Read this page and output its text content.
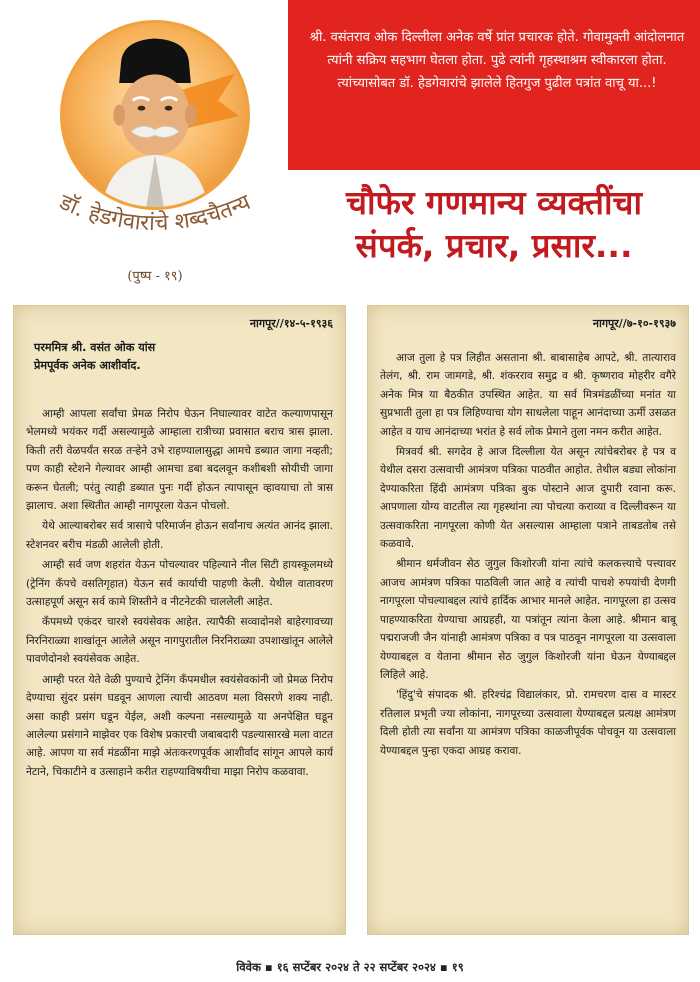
डॉ. हेडगेवारांचे शब्दचैतन्य
(पुष्प - १९)
श्री. वसंतराव ओक दिल्लीला अनेक वर्षे प्रांत प्रचारक होते. गोवामुक्ती आंदोलनात त्यांनी सक्रिय सहभाग घेतला होता. पुढे त्यांनी गृहस्थाश्रम स्वीकारला होता. त्यांच्यासोबत डॉ. हेडगेवारांचे झालेले हितगुज पुढील पत्रांत वाचू या...!
चौफेर गणमान्य व्यक्तींचा
संपर्क, प्रचार, प्रसार...
नागपूर//१४-५-१९३६
परममित्र श्री. वसंत ओक यांस
प्रेमपूर्वक अनेक आशीर्वाद.

आम्ही आपला सर्वांचा प्रेमळ निरोप घेऊन निघाल्यावर वाटेत कल्याणपासून भेलमध्ये भयंकर गर्दी असल्यामुळे आम्हाला रात्रीच्या प्रवासात बराच त्रास झाला. किती तरी वेळपर्यंत सरळ तऱ्हेने उभे राहण्यालासुद्धा आमचे डब्यात जागा नव्हती; पण काही स्टेशने गेल्यावर आम्ही आमचा डबा बदलवून कशीबशी सोयीची जागा करून घेतली; परंतु त्याही डब्यात पुनः गर्दी होऊन त्यापासून व्हावयाचा तो त्रास झालाच. अशा स्थितीत आम्ही नागपूरला येऊन पोचलो.

येथे आल्याबरोबर सर्व त्रासाचे परिमार्जन होऊन सर्वांनाच अत्यंत आनंद झाला. स्टेशनवर बरीच मंडळी आलेली होती.

आम्ही सर्व जण शहरांत येऊन पोचल्यावर पहिल्याने नील सिटी हायस्कूलमध्ये (ट्रेनिंग कँपचे वसतिगृहात) येऊन सर्व कार्याची पाहणी केली. येथील वातावरण उत्साहपूर्ण असून सर्व कामे शिस्तीने व नीटनेटकी चाललेली आहेत.

कँपमध्ये एकंदर चारशे स्वयंसेवक आहेत. त्यापैकी सव्वादोनशे बाहेरगावच्या निरनिराळ्या शाखांतून आलेले असून नागपुरातील निरनिराळ्या उपशाखांतून आलेले पावणेदोनशे स्वयंसेवक आहेत.

आम्ही परत येते वेळी पुण्याचे ट्रेनिंग कँपमधील स्वयंसेवकांनी जो प्रेमळ निरोप देण्याचा सुंदर प्रसंग घडवून आणला त्याची आठवण मला विसरणे शक्य नाही. असा काही प्रसंग घडून येईल, अशी कल्पना नसल्यामुळे या अनपेक्षित घडून आलेल्या प्रसंगाने माझेवर एक विशेष प्रकारची जबाबदारी पडल्यासारखे मला वाटत आहे. आपण या सर्व मंडळींना माझे अंतःकरणपूर्वक आशीर्वाद सांगून आपले कार्य नेटाने, चिकाटीने व उत्साहाने करीत राहण्याविषयीचा माझा निरोप कळवावा.

नागपूर//७-१०-१९३७

आज तुला हे पत्र लिहीत असताना श्री. बाबासाहेब आपटे, श्री. तात्याराव तेलंग, श्री. राम जामगडे, श्री. शंकरराव समुद्र व श्री. कृष्णराव मोहरीर वगैरे अनेक मित्र या बैठकीत उपस्थित आहेत. या सर्व मित्रमंडळींच्या मनांत या सुप्रभाती तुला हा पत्र लिहिण्याचा योग साधलेला पाहून आनंदाच्या ऊर्मी उसळत आहेत व याच आनंदाच्या भरांत हे सर्व लोक प्रेमाने तुला नमन करीत आहेत.

मित्रवर्य श्री. सगदेव हे आज दिल्लीला येत असून त्यांचेबरोबर हे पत्र व येथील दसरा उत्सवाची आमंत्रण पत्रिका पाठवीत आहोत. तेथील बड्या लोकांना देण्याकरिता हिंदी आमंत्रण पत्रिका बुक पोस्टाने आज दुपारी रवाना करू. आपणाला योग्य वाटतील त्या गृहस्थांना त्या पोचत्या कराव्या व दिल्लीवरून या उत्सवाकरिता नागपूरला कोणी येत असल्यास आम्हाला पत्राने ताबडतोब तसे कळवावे.

श्रीमान धर्मजीवन सेठ जुगुल किशोरजी यांना त्यांचे कलकत्त्याचे पत्त्यावर आजच आमंत्रण पत्रिका पाठविली जात आहे व त्यांची पाचशे रुपयांची देणगी नागपूरला पोचल्याबद्दल त्यांचे हार्दिक आभार मानले आहेत. नागपूरला हा उत्सव पाहण्याकरिता येण्याचा आग्रहही, या पत्रांतून त्यांना केला आहे. श्रीमान बाबू पद्मराजजी जैन यांनाही आमंत्रण पत्रिका व पत्र पाठवून नागपूरला या उत्सवाला येण्याबद्दल व येताना श्रीमान सेठ जुगुल किशोरजी यांना घेऊन येण्याबद्दल लिहिले आहे.

'हिंदु'चे संपादक श्री. हरिश्चंद्र विद्यालंकार, प्रो. रामचरण दास व मास्टर रतिलाल प्रभृती ज्या लोकांना, नागपूरच्या उत्सवाला येण्याबद्दल प्रत्यक्ष आमंत्रण दिली होती त्या सर्वांना या आमंत्रण पत्रिका काळजीपूर्वक पोचवून या उत्सवाला येण्याबद्दल पुन्हा एकदा आग्रह करावा.

विवेक ▪ १६ सप्टेंबर २०२४ ते २२ सप्टेंबर २०२४ ▪ १९
